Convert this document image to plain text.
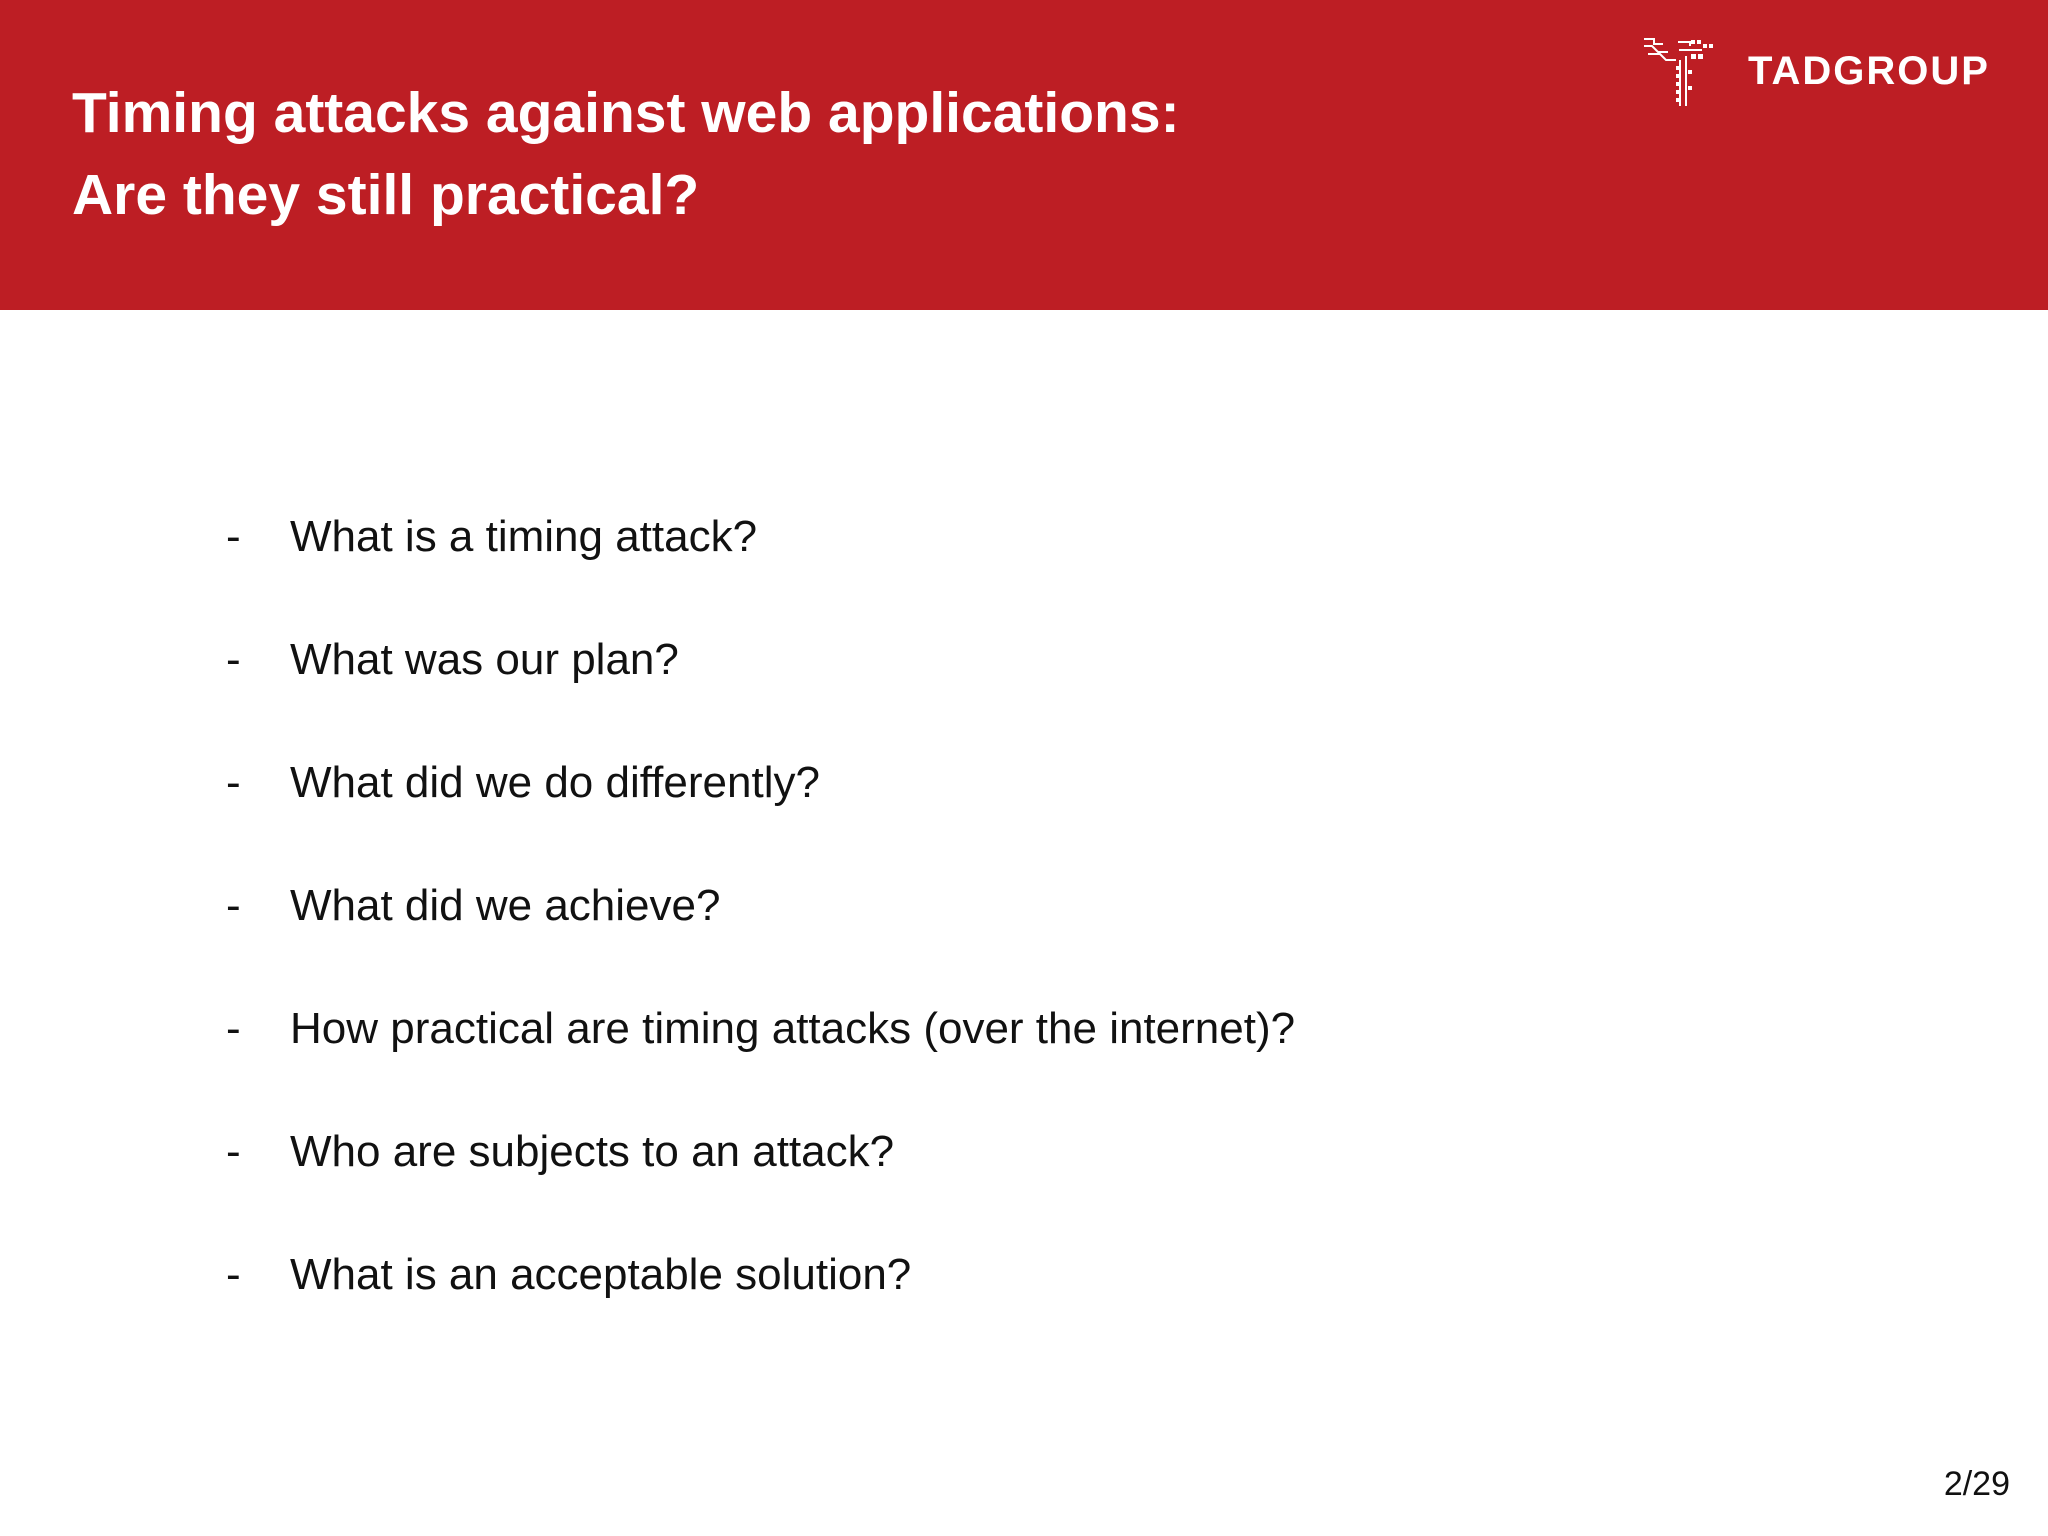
Timing attacks against web applications:
Are they still practical?
TADGROUP
-	What is a timing attack?
-	What was our plan?
-	What did we do differently?
-	What did we achieve?
-	How practical are timing attacks (over the internet)?
-	Who are subjects to an attack?
-	What is an acceptable solution?
2/29
